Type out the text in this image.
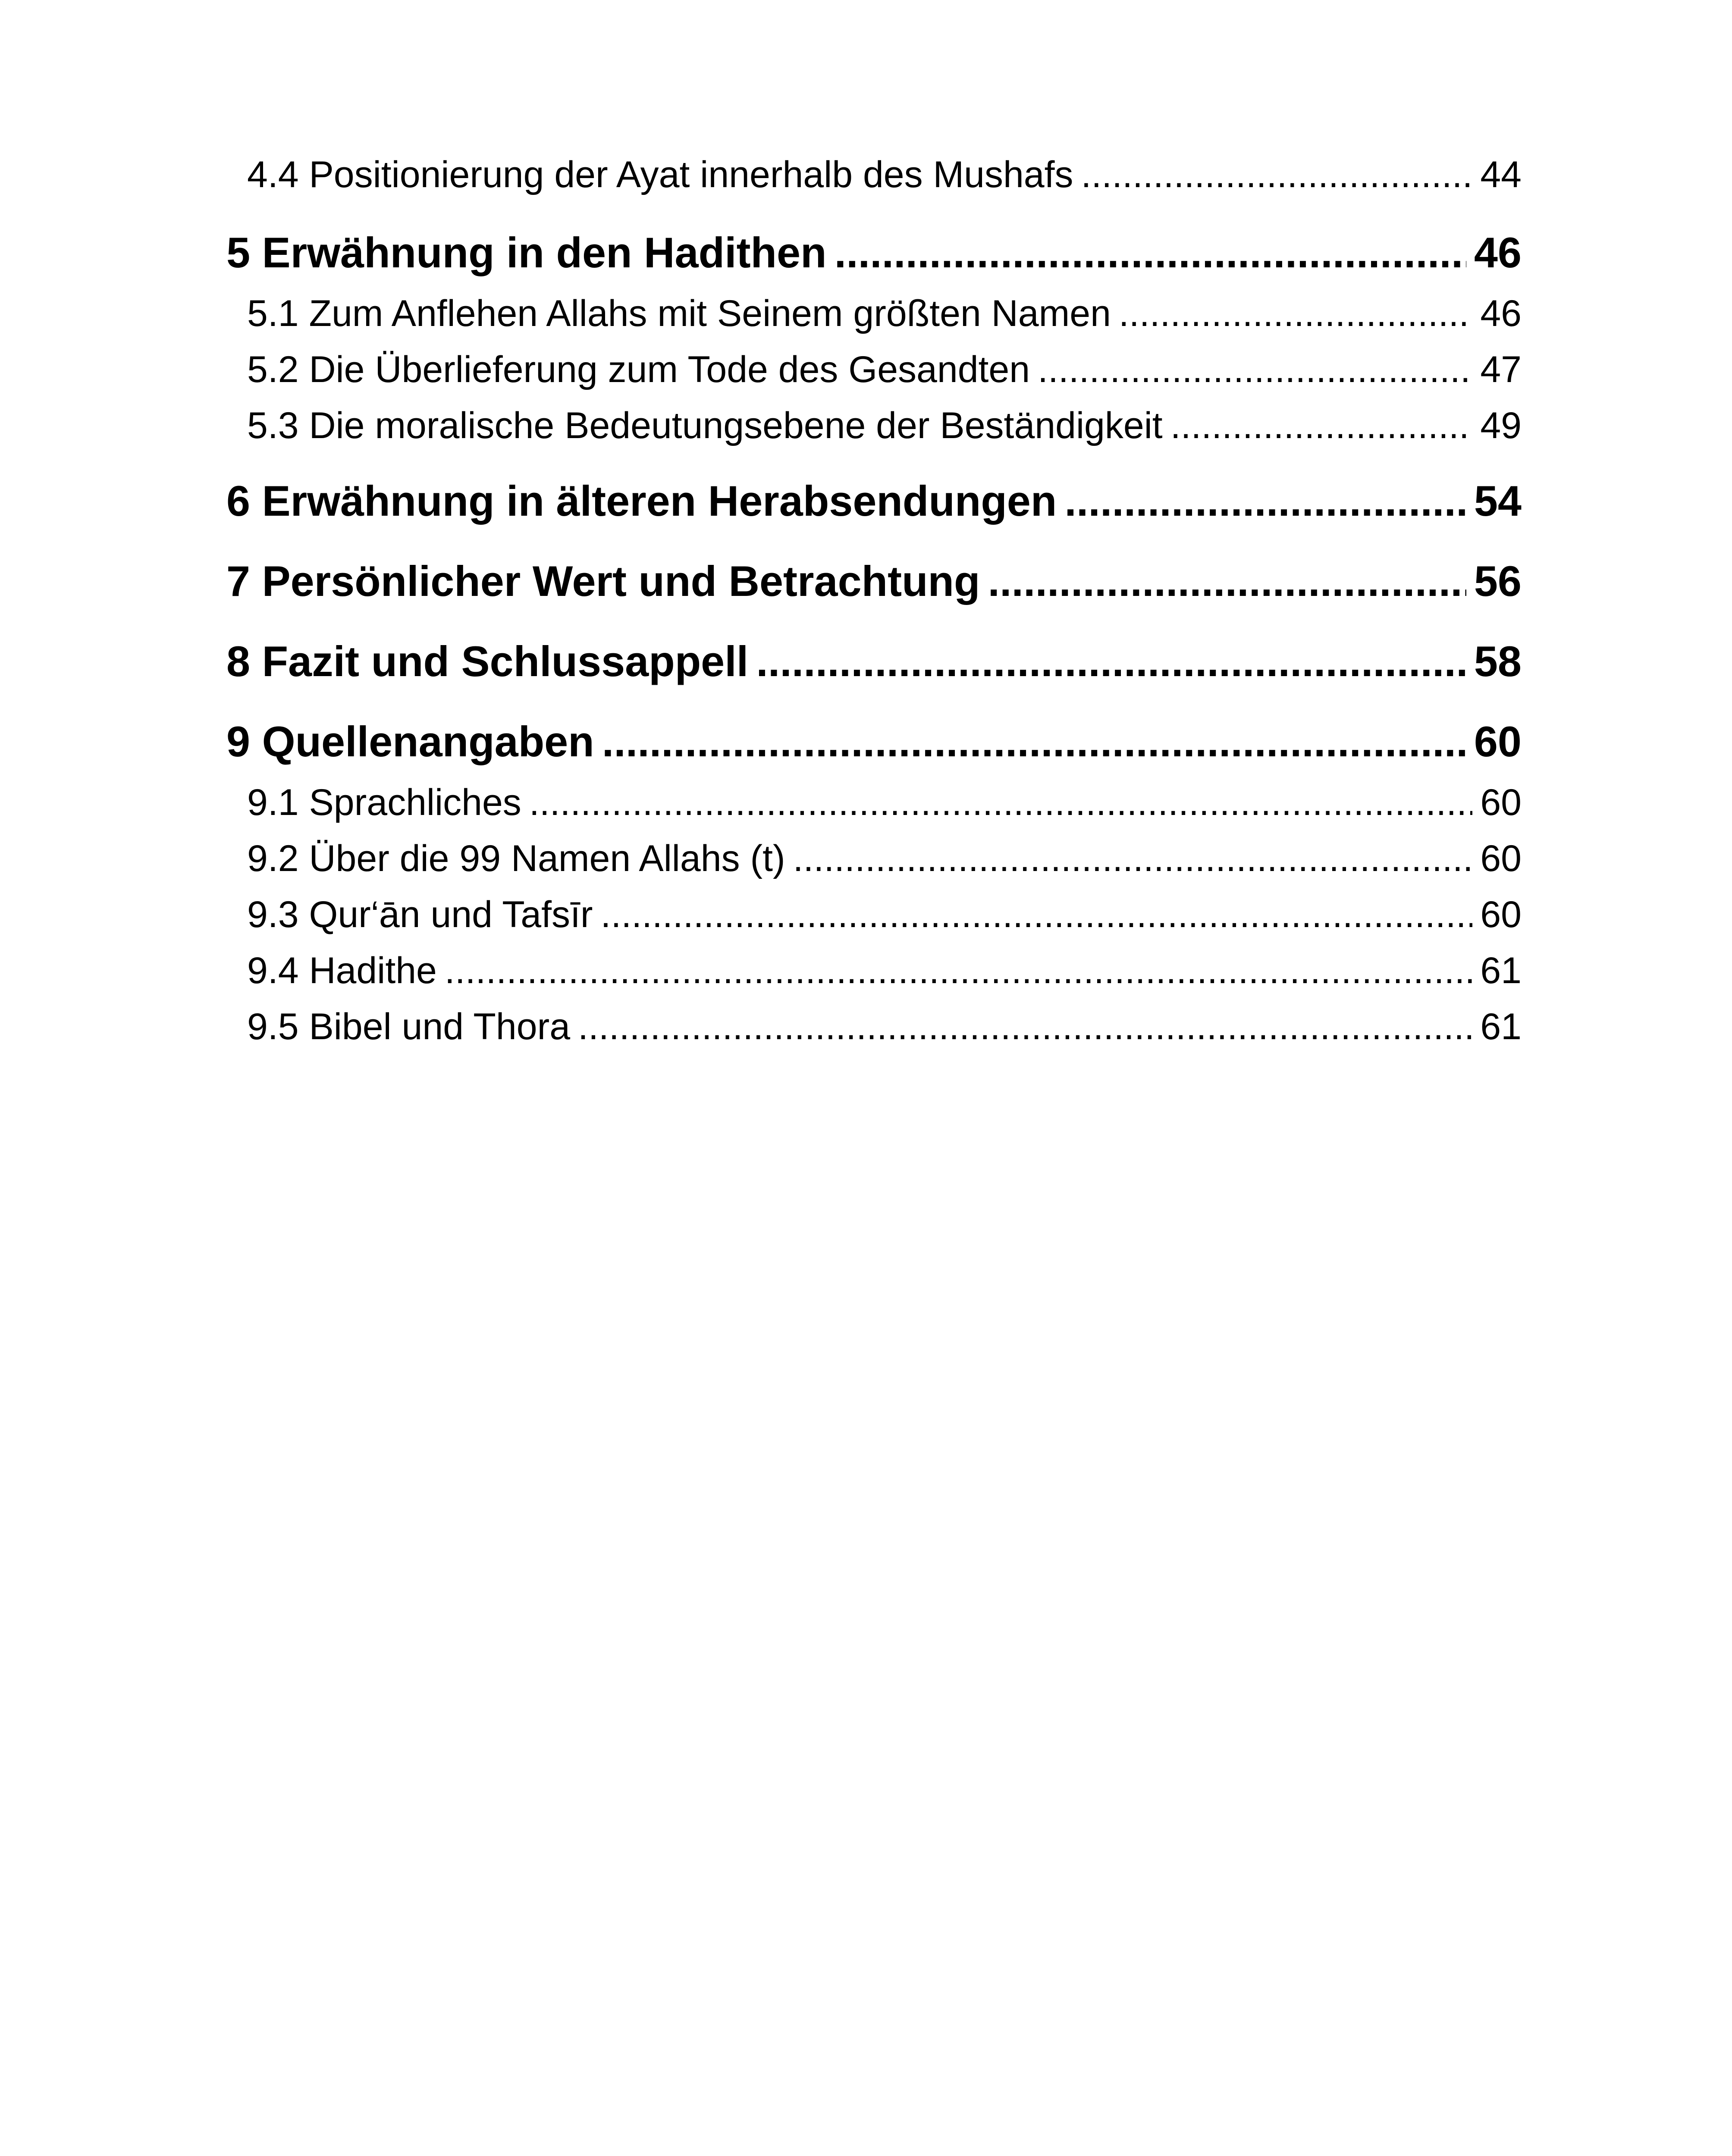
4.4 Positionierung der Ayat innerhalb des Mushafs .....	44
5 Erwähnung in den Hadithen .....	46
5.1 Zum Anflehen Allahs mit Seinem größten Namen .....	46
5.2 Die Überlieferung zum Tode des Gesandten .....	47
5.3 Die moralische Bedeutungsebene der Beständigkeit .....	49
6 Erwähnung in älteren Herabsendungen .....	54
7 Persönlicher Wert und Betrachtung .....	56
8 Fazit und Schlussappell .....	58
9 Quellenangaben .....	60
9.1 Sprachliches .....	60
9.2 Über die 99 Namen Allahs (t) .....	60
9.3 Qur‘ān und Tafsīr .....	60
9.4 Hadithe .....	61
9.5 Bibel und Thora .....	61
